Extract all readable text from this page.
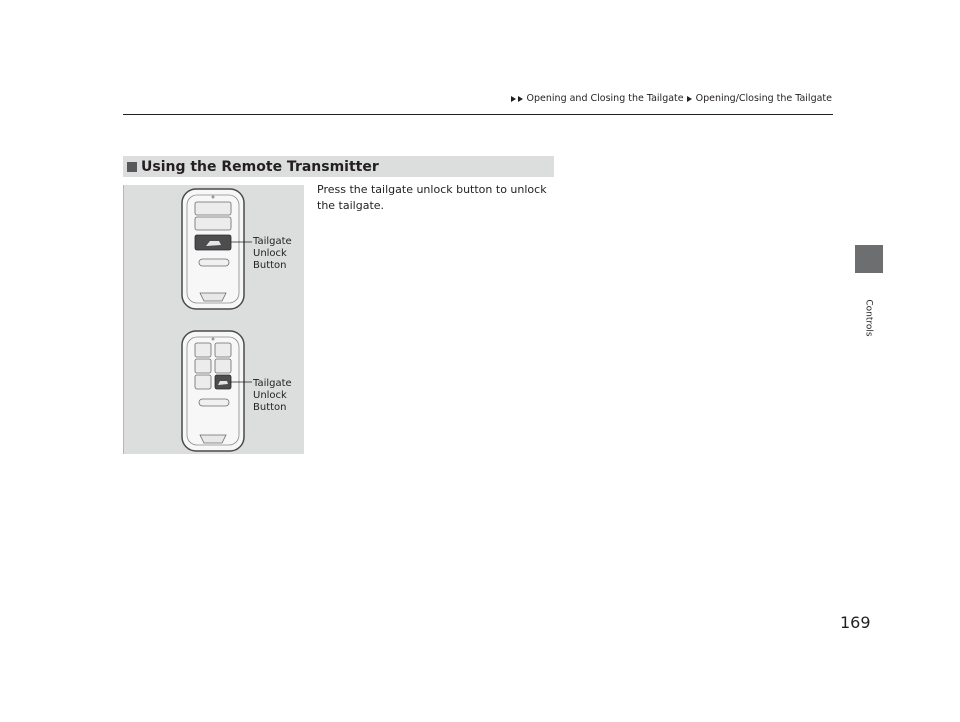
Opening and Closing the Tailgate Opening/Closing the Tailgate
Controls
Using the Remote Transmitter
Tailgate
Unlock
Button
Tailgate
Unlock
Button
Press the tailgate unlock button to unlock the tailgate.
169
